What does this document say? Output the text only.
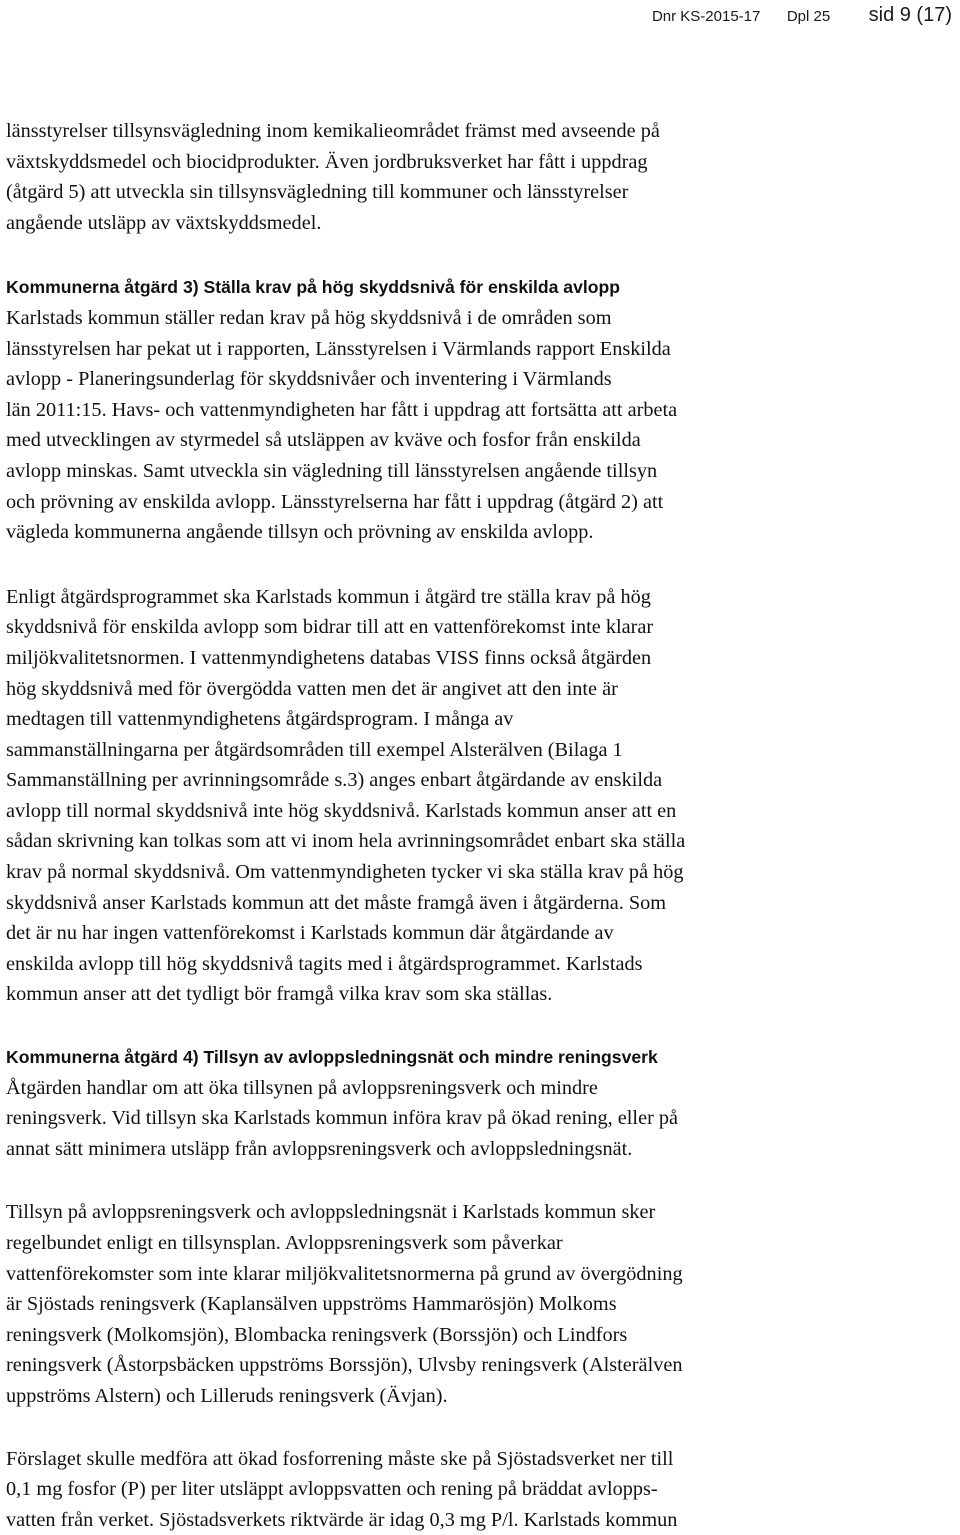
Dnr KS-2015-17 Dpl 25 sid 9 (17)

länsstyrelser tillsynsvägledning inom kemikalieområdet främst med avseende på
växtskyddsmedel och biocidprodukter. Även jordbruksverket har fått i uppdrag
(åtgärd 5) att utveckla sin tillsynsvägledning till kommuner och länsstyrelser
angående utsläpp av växtskyddsmedel.

Kommunerna åtgärd 3) Ställa krav på hög skyddsnivå för enskilda avlopp

Karlstads kommun ställer redan krav på hög skyddsnivå i de områden som
länsstyrelsen har pekat ut i rapporten, Länsstyrelsen i Värmlands rapport Enskilda
avlopp - Planeringsunderlag för skyddsnivåer och inventering i Värmlands
län 2011:15. Havs- och vattenmyndigheten har fått i uppdrag att fortsätta att arbeta
med utvecklingen av styrmedel så utsläppen av kväve och fosfor från enskilda
avlopp minskas. Samt utveckla sin vägledning till länsstyrelsen angående tillsyn
och prövning av enskilda avlopp. Länsstyrelserna har fått i uppdrag (åtgärd 2) att
vägleda kommunerna angående tillsyn och prövning av enskilda avlopp.

Enligt åtgärdsprogrammet ska Karlstads kommun i åtgärd tre ställa krav på hög
skyddsnivå för enskilda avlopp som bidrar till att en vattenförekomst inte klarar
miljökvalitetsnormen. I vattenmyndighetens databas VISS finns också åtgärden
hög skyddsnivå med för övergödda vatten men det är angivet att den inte är
medtagen till vattenmyndighetens åtgärdsprogram. I många av
sammanställningarna per åtgärdsområden till exempel Alsterälven (Bilaga 1
Sammanställning per avrinningsområde s.3) anges enbart åtgärdande av enskilda
avlopp till normal skyddsnivå inte hög skyddsnivå. Karlstads kommun anser att en
sådan skrivning kan tolkas som att vi inom hela avrinningsområdet enbart ska ställa
krav på normal skyddsnivå. Om vattenmyndigheten tycker vi ska ställa krav på hög
skyddsnivå anser Karlstads kommun att det måste framgå även i åtgärderna. Som
det är nu har ingen vattenförekomst i Karlstads kommun där åtgärdande av
enskilda avlopp till hög skyddsnivå tagits med i åtgärdsprogrammet. Karlstads
kommun anser att det tydligt bör framgå vilka krav som ska ställas.

Kommunerna åtgärd 4) Tillsyn av avloppsledningsnät och mindre reningsverk

Åtgärden handlar om att öka tillsynen på avloppsreningsverk och mindre
reningsverk. Vid tillsyn ska Karlstads kommun införa krav på ökad rening, eller på
annat sätt minimera utsläpp från avloppsreningsverk och avloppsledningsnät.

Tillsyn på avloppsreningsverk och avloppsledningsnät i Karlstads kommun sker
regelbundet enligt en tillsynsplan. Avloppsreningsverk som påverkar
vattenförekomster som inte klarar miljökvalitetsnormerna på grund av övergödning
är Sjöstads reningsverk (Kaplansälven uppströms Hammarösjön) Molkoms
reningsverk (Molkomsjön), Blombacka reningsverk (Borssjön) och Lindfors
reningsverk (Åstorpsbäcken uppströms Borssjön), Ulvsby reningsverk (Alsterälven
uppströms Alstern) och Lilleruds reningsverk (Ävjan).

Förslaget skulle medföra att ökad fosforrening måste ske på Sjöstadsverket ner till
0,1 mg fosfor (P) per liter utsläppt avloppsvatten och rening på bräddat avlopps-
vatten från verket. Sjöstadsverkets riktvärde är idag 0,3 mg P/l. Karlstads kommun
